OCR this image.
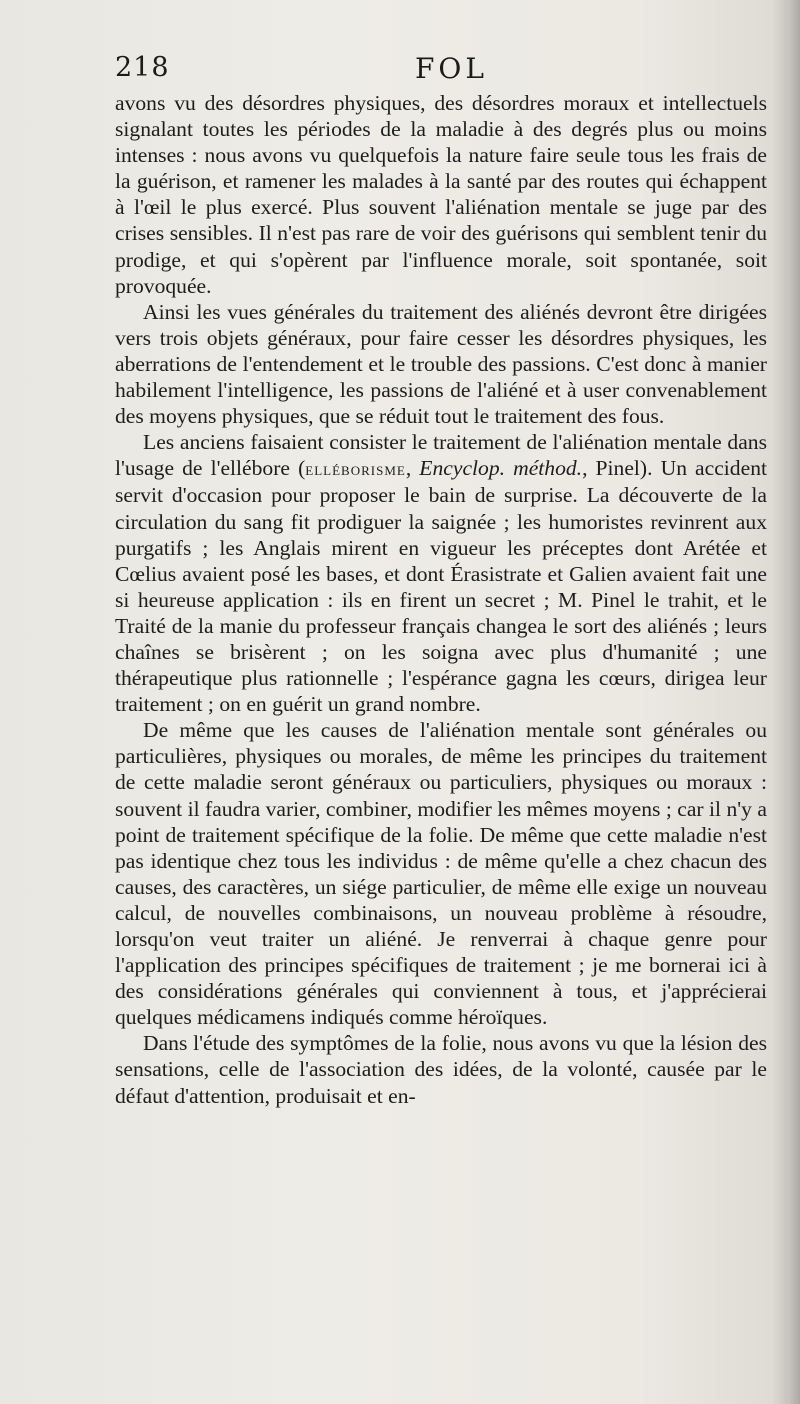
218	FOL

avons vu des désordres physiques, des désordres moraux et intellectuels signalant toutes les périodes de la maladie à des degrés plus ou moins intenses : nous avons vu quelquefois la nature faire seule tous les frais de la guérison, et ramener les malades à la santé par des routes qui échappent à l'œil le plus exercé. Plus souvent l'aliénation mentale se juge par des crises sensibles. Il n'est pas rare de voir des guérisons qui semblent tenir du prodige, et qui s'opèrent par l'influence morale, soit spontanée, soit provoquée.

Ainsi les vues générales du traitement des aliénés devront être dirigées vers trois objets généraux, pour faire cesser les désordres physiques, les aberrations de l'entendement et le trouble des passions. C'est donc à manier habilement l'intelligence, les passions de l'aliéné et à user convenablement des moyens physiques, que se réduit tout le traitement des fous.

Les anciens faisaient consister le traitement de l'aliénation mentale dans l'usage de l'ellébore (elléborisme, Encyclop. méthod., Pinel). Un accident servit d'occasion pour proposer le bain de surprise. La découverte de la circulation du sang fit prodiguer la saignée ; les humoristes revinrent aux purgatifs ; les Anglais mirent en vigueur les préceptes dont Arétée et Cœlius avaient posé les bases, et dont Érasistrate et Galien avaient fait une si heureuse application : ils en firent un secret ; M. Pinel le trahit, et le Traité de la manie du professeur français changea le sort des aliénés ; leurs chaînes se brisèrent ; on les soigna avec plus d'humanité ; une thérapeutique plus rationnelle ; l'espérance gagna les cœurs, dirigea leur traitement ; on en guérit un grand nombre.

De même que les causes de l'aliénation mentale sont générales ou particulières, physiques ou morales, de même les principes du traitement de cette maladie seront généraux ou particuliers, physiques ou moraux : souvent il faudra varier, combiner, modifier les mêmes moyens ; car il n'y a point de traitement spécifique de la folie. De même que cette maladie n'est pas identique chez tous les individus : de même qu'elle a chez chacun des causes, des caractères, un siége particulier, de même elle exige un nouveau calcul, de nouvelles combinaisons, un nouveau problème à résoudre, lorsqu'on veut traiter un aliéné. Je renverrai à chaque genre pour l'application des principes spécifiques de traitement ; je me bornerai ici à des considérations générales qui conviennent à tous, et j'apprécierai quelques médicamens indiqués comme héroïques.

Dans l'étude des symptômes de la folie, nous avons vu que la lésion des sensations, celle de l'association des idées, de la volonté, causée par le défaut d'attention, produisait et en-
